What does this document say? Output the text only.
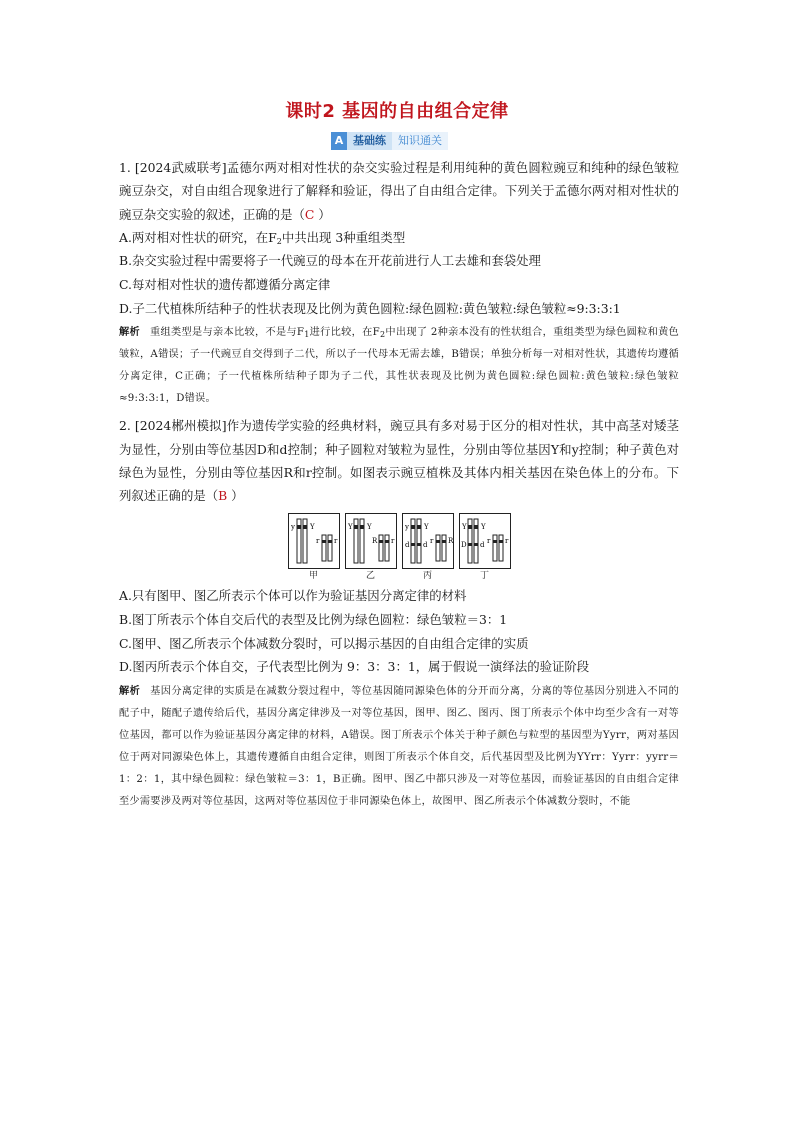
课时2 基因的自由组合定律
A 基础练	知识通关
1. [2024武威联考]孟德尔两对相对性状的杂交实验过程是利用纯种的黄色圆粒豌豆和纯种的绿色皱粒豌豆杂交，对自由组合现象进行了解释和验证，得出了自由组合定律。下列关于孟德尔两对相对性状的豌豆杂交实验的叙述，正确的是（C ）
A.两对相对性状的研究，在$F_2$中共出现 3种重组类型
B.杂交实验过程中需要将子一代豌豆的母本在开花前进行人工去雄和套袋处理
C.每对相对性状的遗传都遵循分离定律
D.子二代植株所结种子的性状表现及比例为黄色圆粒:绿色圆粒:黄色皱粒:绿色皱粒≈9:3:3:1
解析 重组类型是与亲本比较，不是与$F_1$进行比较，在$F_2$中出现了 2种亲本没有的性状组合，重组类型为绿色圆粒和黄色皱粒，A错误；子一代豌豆自交得到子二代，所以子一代母本无需去雄，B错误；单独分析每一对相对性状，其遗传均遵循分离定律，C正确；子一代植株所结种子即为子二代，其性状表现及比例为黄色圆粒:绿色圆粒:黄色皱粒:绿色皱粒≈9:3:3:1，D错误。
2. [2024郴州模拟]作为遗传学实验的经典材料，豌豆具有多对易于区分的相对性状，其中高茎对矮茎为显性，分别由等位基因D和d控制；种子圆粒对皱粒为显性，分别由等位基因Y和y控制；种子黄色对绿色为显性，分别由等位基因R和r控制。如图表示豌豆植株及其体内相关基因在染色体上的分布。下列叙述正确的是（B ）
y Y
r r
甲
Y Y
R r
乙
y Y
d d r R
丙
Y Y
D d r r
丁
A.只有图甲、图乙所表示个体可以作为验证基因分离定律的材料
B.图丁所表示个体自交后代的表型及比例为绿色圆粒：绿色皱粒＝3：1
C.图甲、图乙所表示个体减数分裂时，可以揭示基因的自由组合定律的实质
D.图丙所表示个体自交，子代表型比例为 9：3：3：1，属于假说一演绎法的验证阶段
解析 基因分离定律的实质是在减数分裂过程中，等位基因随同源染色体的分开而分离，分离的等位基因分别进入不同的配子中，随配子遗传给后代，基因分离定律涉及一对等位基因，图甲、图乙、图丙、图丁所表示个体中均至少含有一对等位基因，都可以作为验证基因分离定律的材料，A错误。图丁所表示个体关于种子颜色与粒型的基因型为Yyrr，两对基因位于两对同源染色体上，其遗传遵循自由组合定律，则图丁所表示个体自交，后代基因型及比例为YYrr：Yyrr：yyrr＝1：2：1，其中绿色圆粒：绿色皱粒＝3：1，B正确。图甲、图乙中都只涉及一对等位基因，而验证基因的自由组合定律至少需要涉及两对等位基因，这两对等位基因位于非同源染色体上，故图甲、图乙所表示个体减数分裂时，不能
